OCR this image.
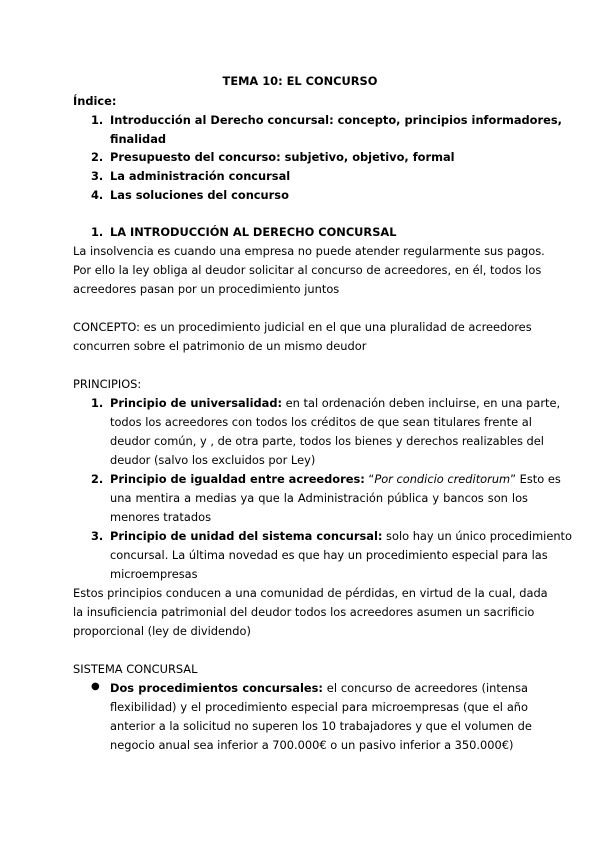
TEMA 10: EL CONCURSO
Índice:
1. Introducción al Derecho concursal: concepto, principios informadores,
finalidad
2. Presupuesto del concurso: subjetivo, objetivo, formal
3. La administración concursal
4. Las soluciones del concurso
1. LA INTRODUCCIÓN AL DERECHO CONCURSAL
La insolvencia es cuando una empresa no puede atender regularmente sus pagos.
Por ello la ley obliga al deudor solicitar al concurso de acreedores, en él, todos los
acreedores pasan por un procedimiento juntos
CONCEPTO: es un procedimiento judicial en el que una pluralidad de acreedores
concurren sobre el patrimonio de un mismo deudor
PRINCIPIOS:
1. Principio de universalidad: en tal ordenación deben incluirse, en una parte,
todos los acreedores con todos los créditos de que sean titulares frente al
deudor común, y , de otra parte, todos los bienes y derechos realizables del
deudor (salvo los excluidos por Ley)
2. Principio de igualdad entre acreedores: “Por condicio creditorum” Esto es
una mentira a medias ya que la Administración pública y bancos son los
menores tratados
3. Principio de unidad del sistema concursal: solo hay un único procedimiento
concursal. La última novedad es que hay un procedimiento especial para las
microempresas
Estos principios conducen a una comunidad de pérdidas, en virtud de la cual, dada
la insuficiencia patrimonial del deudor todos los acreedores asumen un sacrificio
proporcional (ley de dividendo)
SISTEMA CONCURSAL
● Dos procedimientos concursales: el concurso de acreedores (intensa
flexibilidad) y el procedimiento especial para microempresas (que el año
anterior a la solicitud no superen los 10 trabajadores y que el volumen de
negocio anual sea inferior a 700.000€ o un pasivo inferior a 350.000€)
